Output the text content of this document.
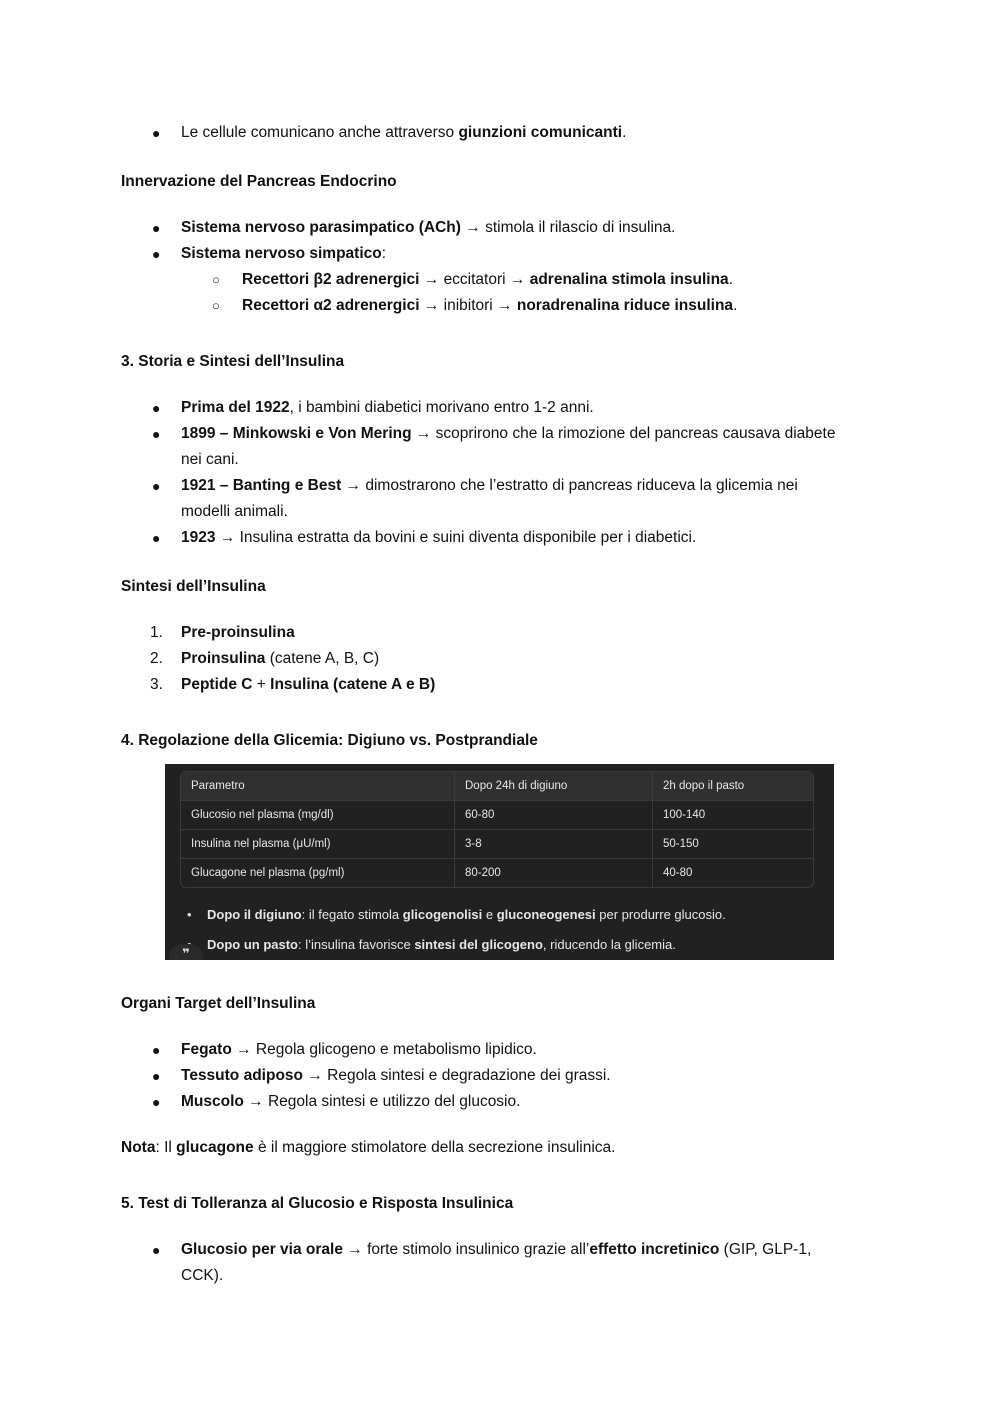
● Le cellule comunicano anche attraverso giunzioni comunicanti.
Innervazione del Pancreas Endocrino
● Sistema nervoso parasimpatico (ACh) → stimola il rilascio di insulina.
● Sistema nervoso simpatico:
○ Recettori β2 adrenergici → eccitatori → adrenalina stimola insulina.
○ Recettori α2 adrenergici → inibitori → noradrenalina riduce insulina.
3. Storia e Sintesi dell’Insulina
● Prima del 1922, i bambini diabetici morivano entro 1-2 anni.
● 1899 – Minkowski e Von Mering → scoprirono che la rimozione del pancreas causava diabete nei cani.
● 1921 – Banting e Best → dimostrarono che l’estratto di pancreas riduceva la glicemia nei modelli animali.
● 1923 → Insulina estratta da bovini e suini diventa disponibile per i diabetici.
Sintesi dell’Insulina
1. Pre-proinsulina
2. Proinsulina (catene A, B, C)
3. Peptide C + Insulina (catene A e B)
4. Regolazione della Glicemia: Digiuno vs. Postprandiale
Parametro	Dopo 24h di digiuno	2h dopo il pasto
Glucosio nel plasma (mg/dl)	60-80	100-140
Insulina nel plasma (μU/ml)	3-8	50-150
Glucagone nel plasma (pg/ml)	80-200	40-80
• Dopo il digiuno: il fegato stimola glicogenolisi e gluconeogenesi per produrre glucosio.
• Dopo un pasto: l’insulina favorisce sintesi del glicogeno, riducendo la glicemia.
❞
Organi Target dell’Insulina
● Fegato → Regola glicogeno e metabolismo lipidico.
● Tessuto adiposo → Regola sintesi e degradazione dei grassi.
● Muscolo → Regola sintesi e utilizzo del glucosio.
Nota: Il glucagone è il maggiore stimolatore della secrezione insulinica.
5. Test di Tolleranza al Glucosio e Risposta Insulinica
● Glucosio per via orale → forte stimolo insulinico grazie all’effetto incretinico (GIP, GLP-1, CCK).
